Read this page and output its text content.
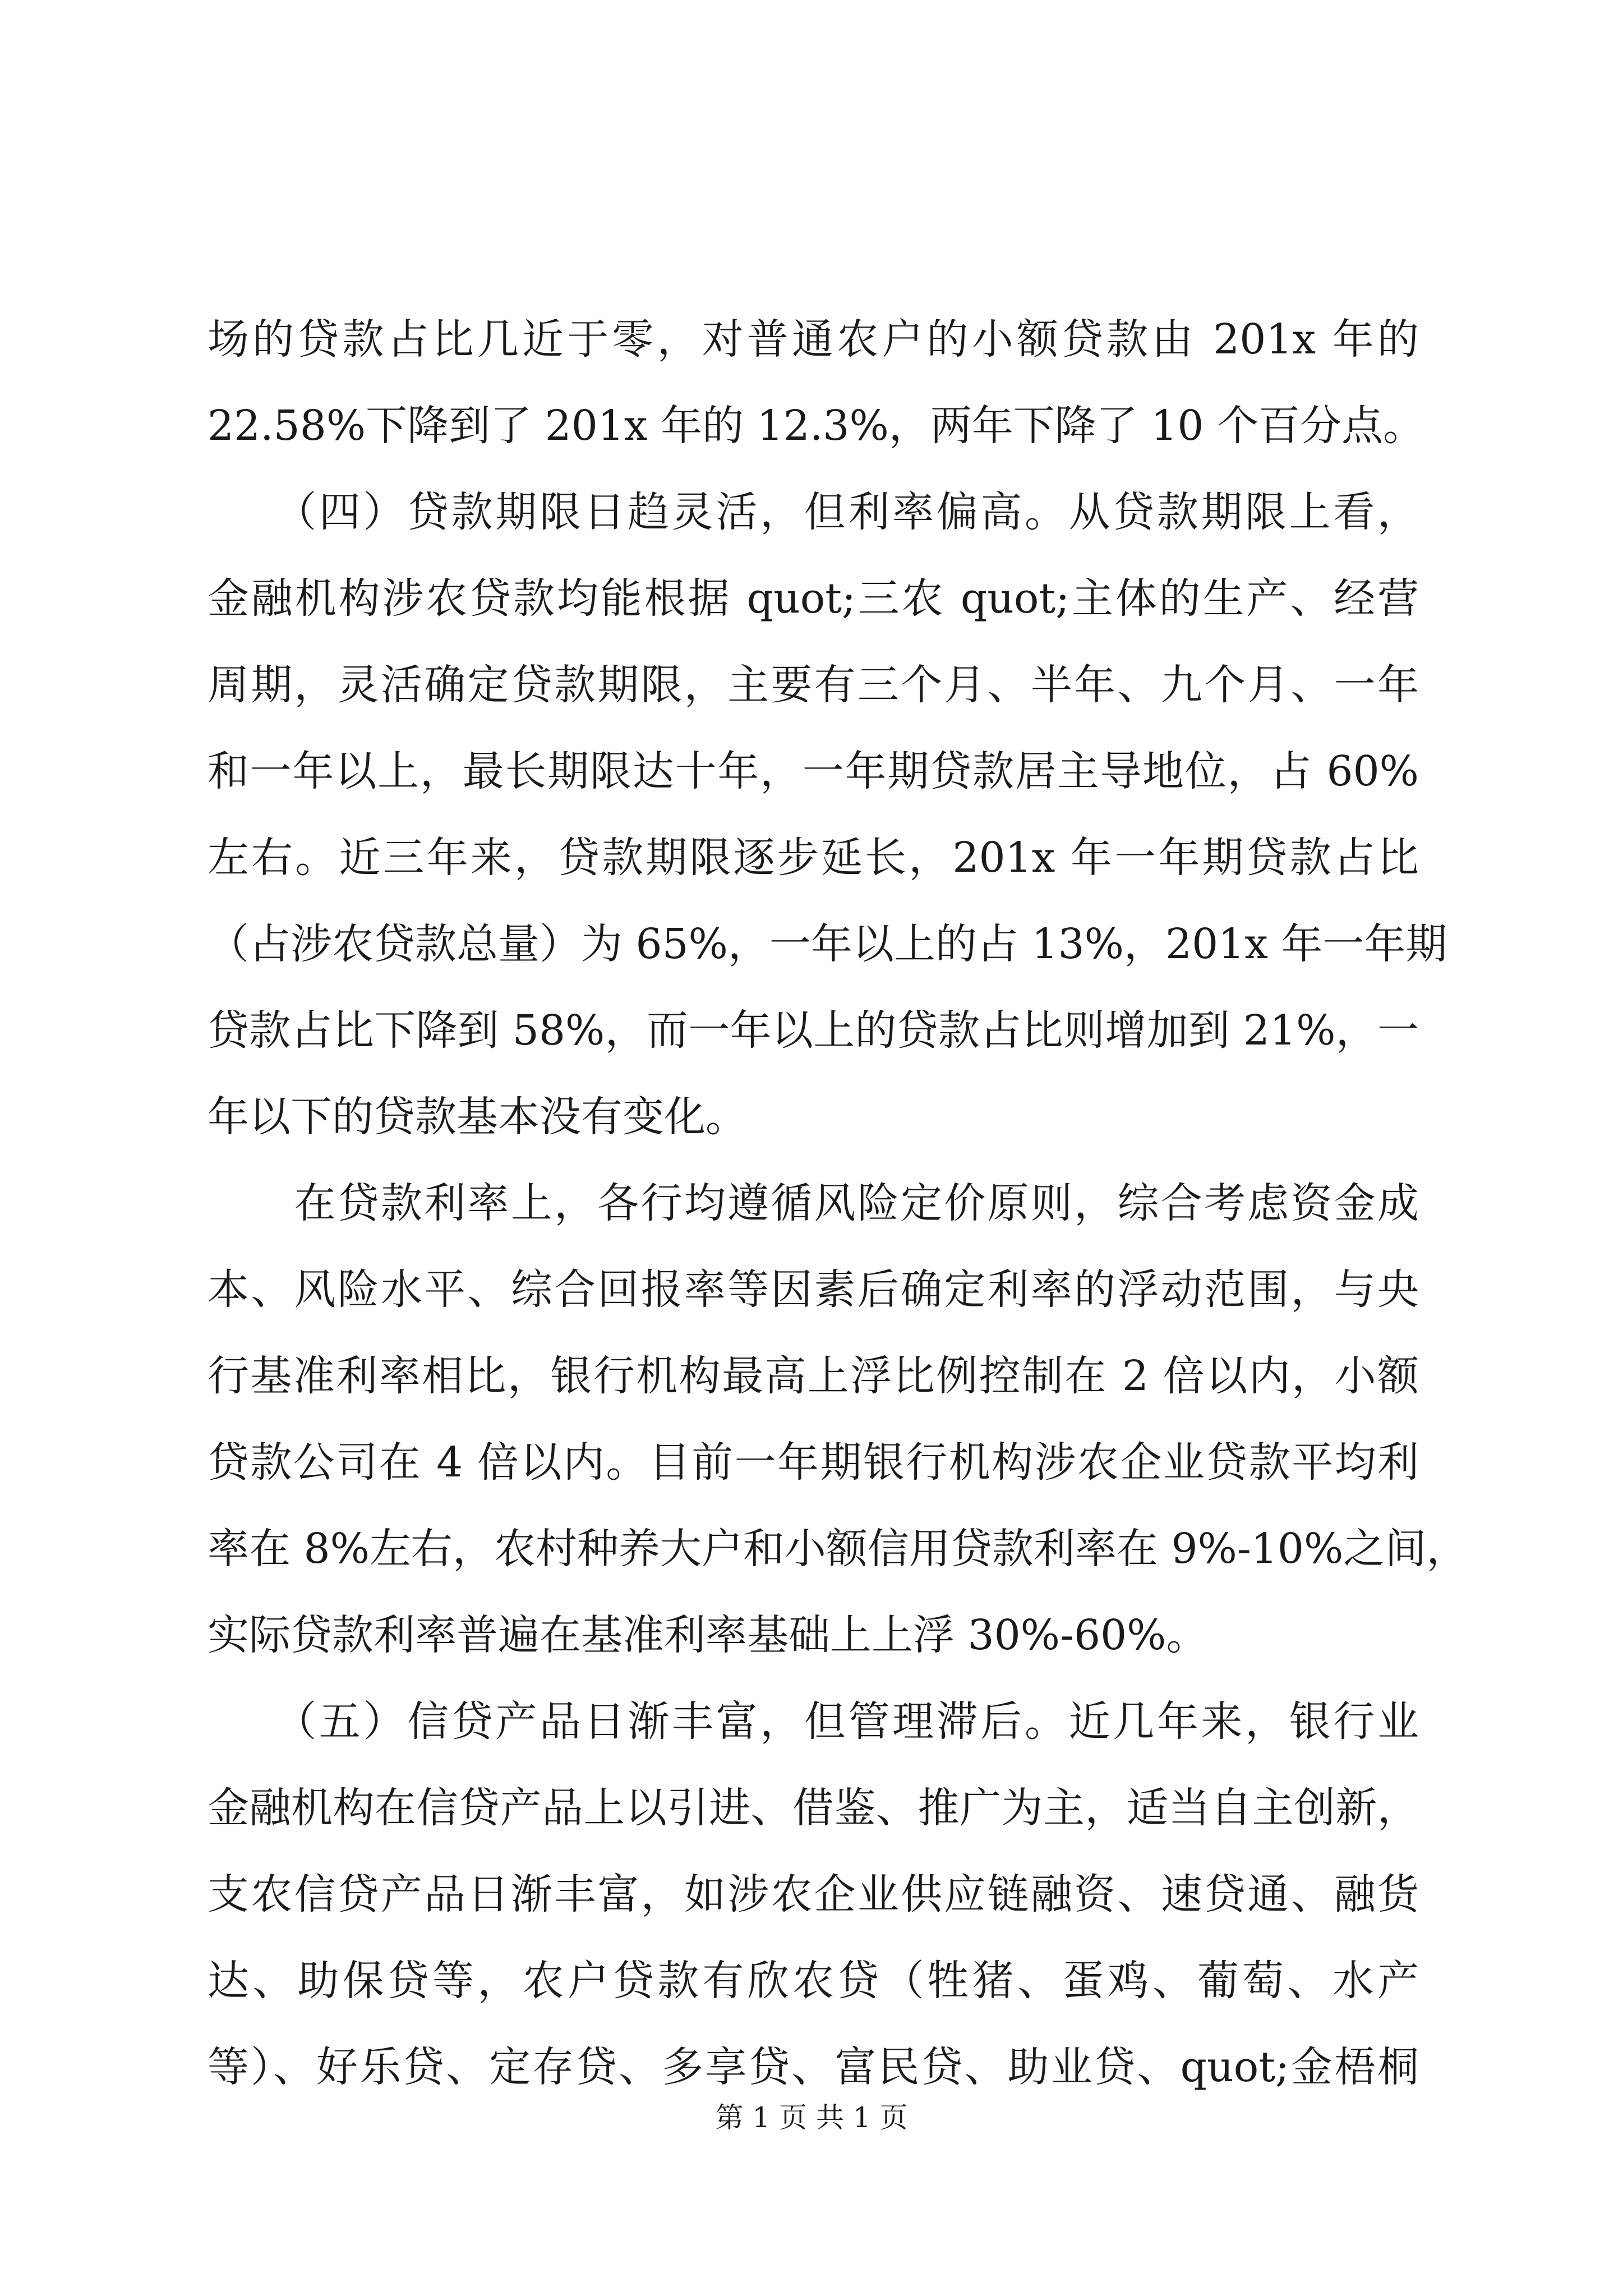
场的贷款占比几近于零，对普通农户的小额贷款由 201x 年的
22.58%下降到了 201x 年的 12.3%，两年下降了 10 个百分点。
　　（四）贷款期限日趋灵活，但利率偏高。从贷款期限上看，
金融机构涉农贷款均能根据 quot;三农 quot;主体的生产、经营
周期，灵活确定贷款期限，主要有三个月、半年、九个月、一年
和一年以上，最长期限达十年，一年期贷款居主导地位，占 60%
左右。近三年来，贷款期限逐步延长，201x 年一年期贷款占比
（占涉农贷款总量）为 65%，一年以上的占 13%，201x 年一年期
贷款占比下降到 58%，而一年以上的贷款占比则增加到 21%，一
年以下的贷款基本没有变化。
　　在贷款利率上，各行均遵循风险定价原则，综合考虑资金成
本、风险水平、综合回报率等因素后确定利率的浮动范围，与央
行基准利率相比，银行机构最高上浮比例控制在 2 倍以内，小额
贷款公司在 4 倍以内。目前一年期银行机构涉农企业贷款平均利
率在 8%左右，农村种养大户和小额信用贷款利率在 9%-10%之间，
实际贷款利率普遍在基准利率基础上上浮 30%-60%。
　　（五）信贷产品日渐丰富，但管理滞后。近几年来，银行业
金融机构在信贷产品上以引进、借鉴、推广为主，适当自主创新，
支农信贷产品日渐丰富，如涉农企业供应链融资、速贷通、融货
达、助保贷等，农户贷款有欣农贷（牲猪、蛋鸡、葡萄、水产
等）、好乐贷、定存贷、多享贷、富民贷、助业贷、quot;金梧桐
第 1 页 共 1 页
